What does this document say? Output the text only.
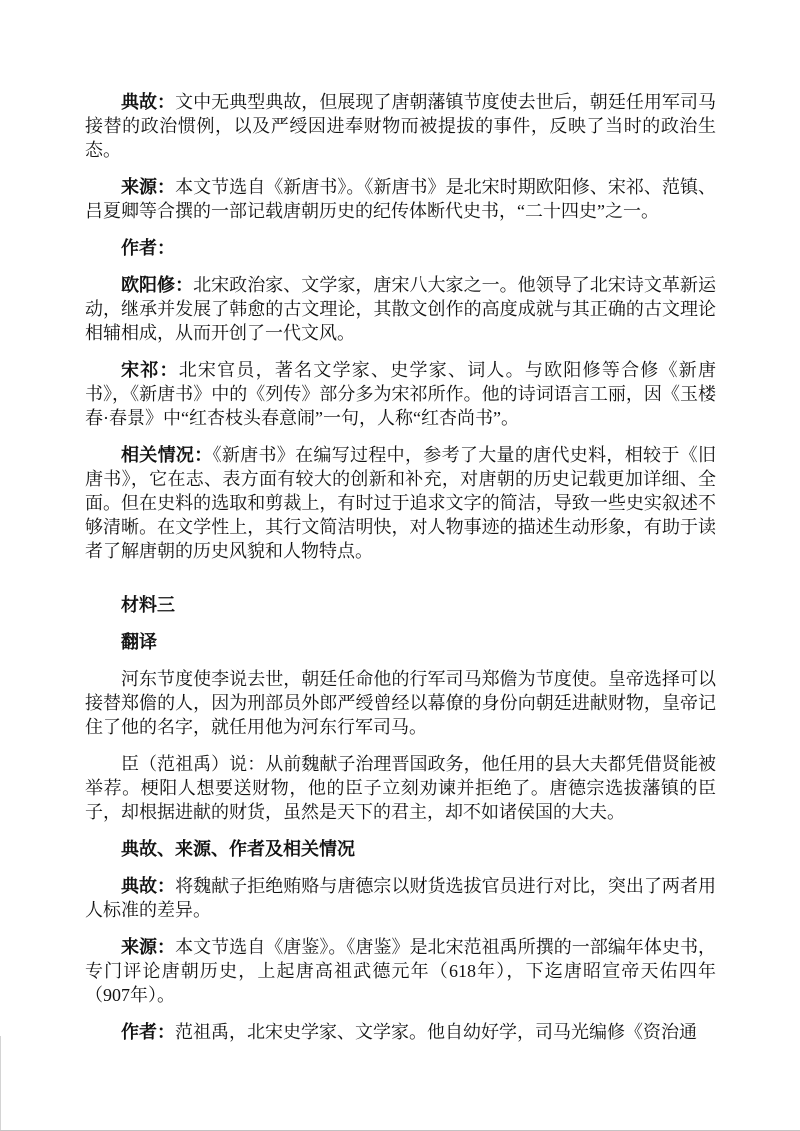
典故：文中无典型典故，但展现了唐朝藩镇节度使去世后，朝廷任用军司马接替的政治惯例，以及严绶因进奉财物而被提拔的事件，反映了当时的政治生态。

来源：本文节选自《新唐书》。《新唐书》是北宋时期欧阳修、宋祁、范镇、吕夏卿等合撰的一部记载唐朝历史的纪传体断代史书，“二十四史”之一。

作者：

欧阳修：北宋政治家、文学家，唐宋八大家之一。他领导了北宋诗文革新运动，继承并发展了韩愈的古文理论，其散文创作的高度成就与其正确的古文理论相辅相成，从而开创了一代文风。

宋祁：北宋官员，著名文学家、史学家、词人。与欧阳修等合修《新唐书》，《新唐书》中的《列传》部分多为宋祁所作。他的诗词语言工丽，因《玉楼春·春景》中“红杏枝头春意闹”一句，人称“红杏尚书”。

相关情况：《新唐书》在编写过程中，参考了大量的唐代史料，相较于《旧唐书》，它在志、表方面有较大的创新和补充，对唐朝的历史记载更加详细、全面。但在史料的选取和剪裁上，有时过于追求文字的简洁，导致一些史实叙述不够清晰。在文学性上，其行文简洁明快，对人物事迹的描述生动形象，有助于读者了解唐朝的历史风貌和人物特点。

材料三

翻译

河东节度使李说去世，朝廷任命他的行军司马郑儋为节度使。皇帝选择可以接替郑儋的人，因为刑部员外郎严绶曾经以幕僚的身份向朝廷进献财物，皇帝记住了他的名字，就任用他为河东行军司马。

臣（范祖禹）说：从前魏献子治理晋国政务，他任用的县大夫都凭借贤能被举荐。梗阳人想要送财物，他的臣子立刻劝谏并拒绝了。唐德宗选拔藩镇的臣子，却根据进献的财货，虽然是天下的君主，却不如诸侯国的大夫。

典故、来源、作者及相关情况

典故：将魏献子拒绝贿赂与唐德宗以财货选拔官员进行对比，突出了两者用人标准的差异。

来源：本文节选自《唐鉴》。《唐鉴》是北宋范祖禹所撰的一部编年体史书，专门评论唐朝历史，上起唐高祖武德元年（618年），下迄唐昭宣帝天佑四年（907年）。

作者：范祖禹，北宋史学家、文学家。他自幼好学，司马光编修《资治通
